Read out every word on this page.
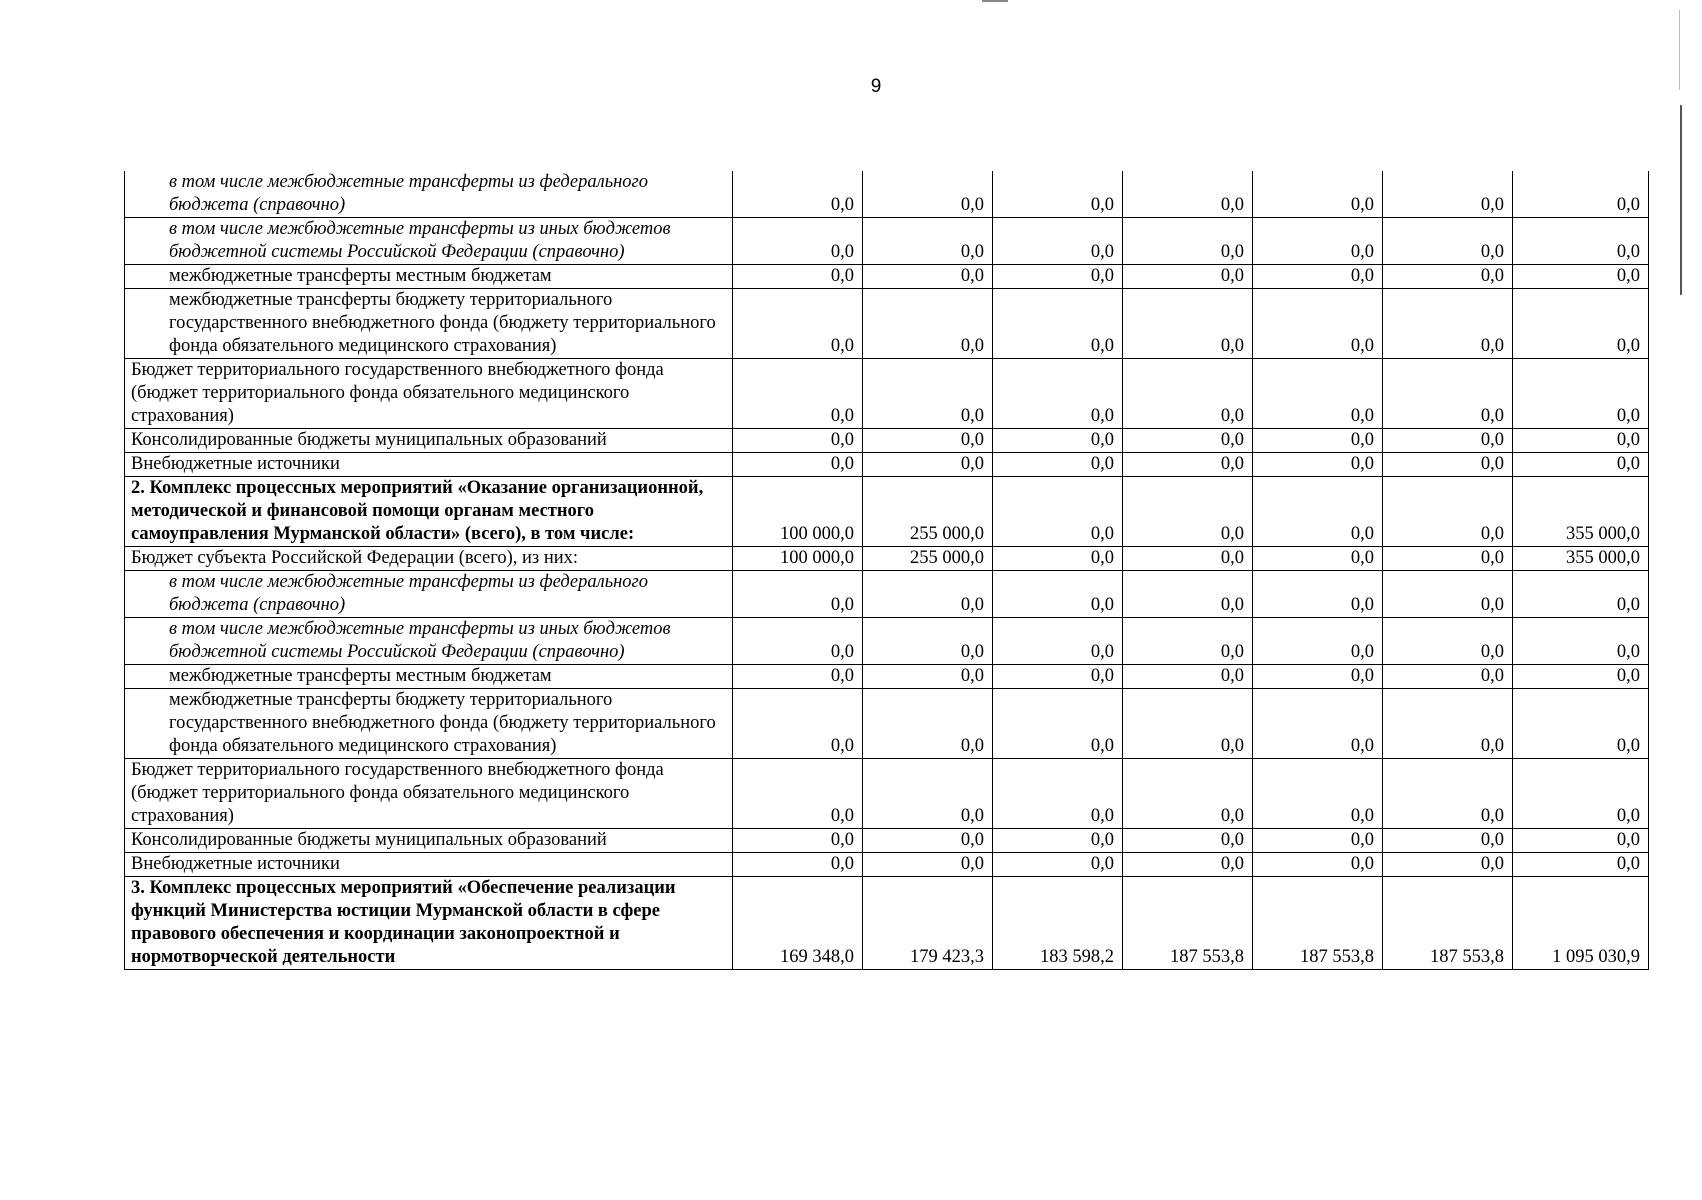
9
в том числе межбюджетные трансферты из федерального бюджета (справочно)	0,0	0,0	0,0	0,0	0,0	0,0	0,0
в том числе межбюджетные трансферты из иных бюджетов бюджетной системы Российской Федерации (справочно)	0,0	0,0	0,0	0,0	0,0	0,0	0,0
межбюджетные трансферты местным бюджетам	0,0	0,0	0,0	0,0	0,0	0,0	0,0
межбюджетные трансферты бюджету территориального государственного внебюджетного фонда (бюджету территориального фонда обязательного медицинского страхования)	0,0	0,0	0,0	0,0	0,0	0,0	0,0
Бюджет территориального государственного внебюджетного фонда (бюджет территориального фонда обязательного медицинского страхования)	0,0	0,0	0,0	0,0	0,0	0,0	0,0
Консолидированные бюджеты муниципальных образований	0,0	0,0	0,0	0,0	0,0	0,0	0,0
Внебюджетные источники	0,0	0,0	0,0	0,0	0,0	0,0	0,0
2. Комплекс процессных мероприятий «Оказание организационной, методической и финансовой помощи органам местного самоуправления Мурманской области» (всего), в том числе:	100 000,0	255 000,0	0,0	0,0	0,0	0,0	355 000,0
Бюджет субъекта Российской Федерации (всего), из них:	100 000,0	255 000,0	0,0	0,0	0,0	0,0	355 000,0
в том числе межбюджетные трансферты из федерального бюджета (справочно)	0,0	0,0	0,0	0,0	0,0	0,0	0,0
в том числе межбюджетные трансферты из иных бюджетов бюджетной системы Российской Федерации (справочно)	0,0	0,0	0,0	0,0	0,0	0,0	0,0
межбюджетные трансферты местным бюджетам	0,0	0,0	0,0	0,0	0,0	0,0	0,0
межбюджетные трансферты бюджету территориального государственного внебюджетного фонда (бюджету территориального фонда обязательного медицинского страхования)	0,0	0,0	0,0	0,0	0,0	0,0	0,0
Бюджет территориального государственного внебюджетного фонда (бюджет территориального фонда обязательного медицинского страхования)	0,0	0,0	0,0	0,0	0,0	0,0	0,0
Консолидированные бюджеты муниципальных образований	0,0	0,0	0,0	0,0	0,0	0,0	0,0
Внебюджетные источники	0,0	0,0	0,0	0,0	0,0	0,0	0,0
3. Комплекс процессных мероприятий «Обеспечение реализации функций Министерства юстиции Мурманской области в сфере правового обеспечения и координации законопроектной и нормотворческой деятельности	169 348,0	179 423,3	183 598,2	187 553,8	187 553,8	187 553,8	1 095 030,9
